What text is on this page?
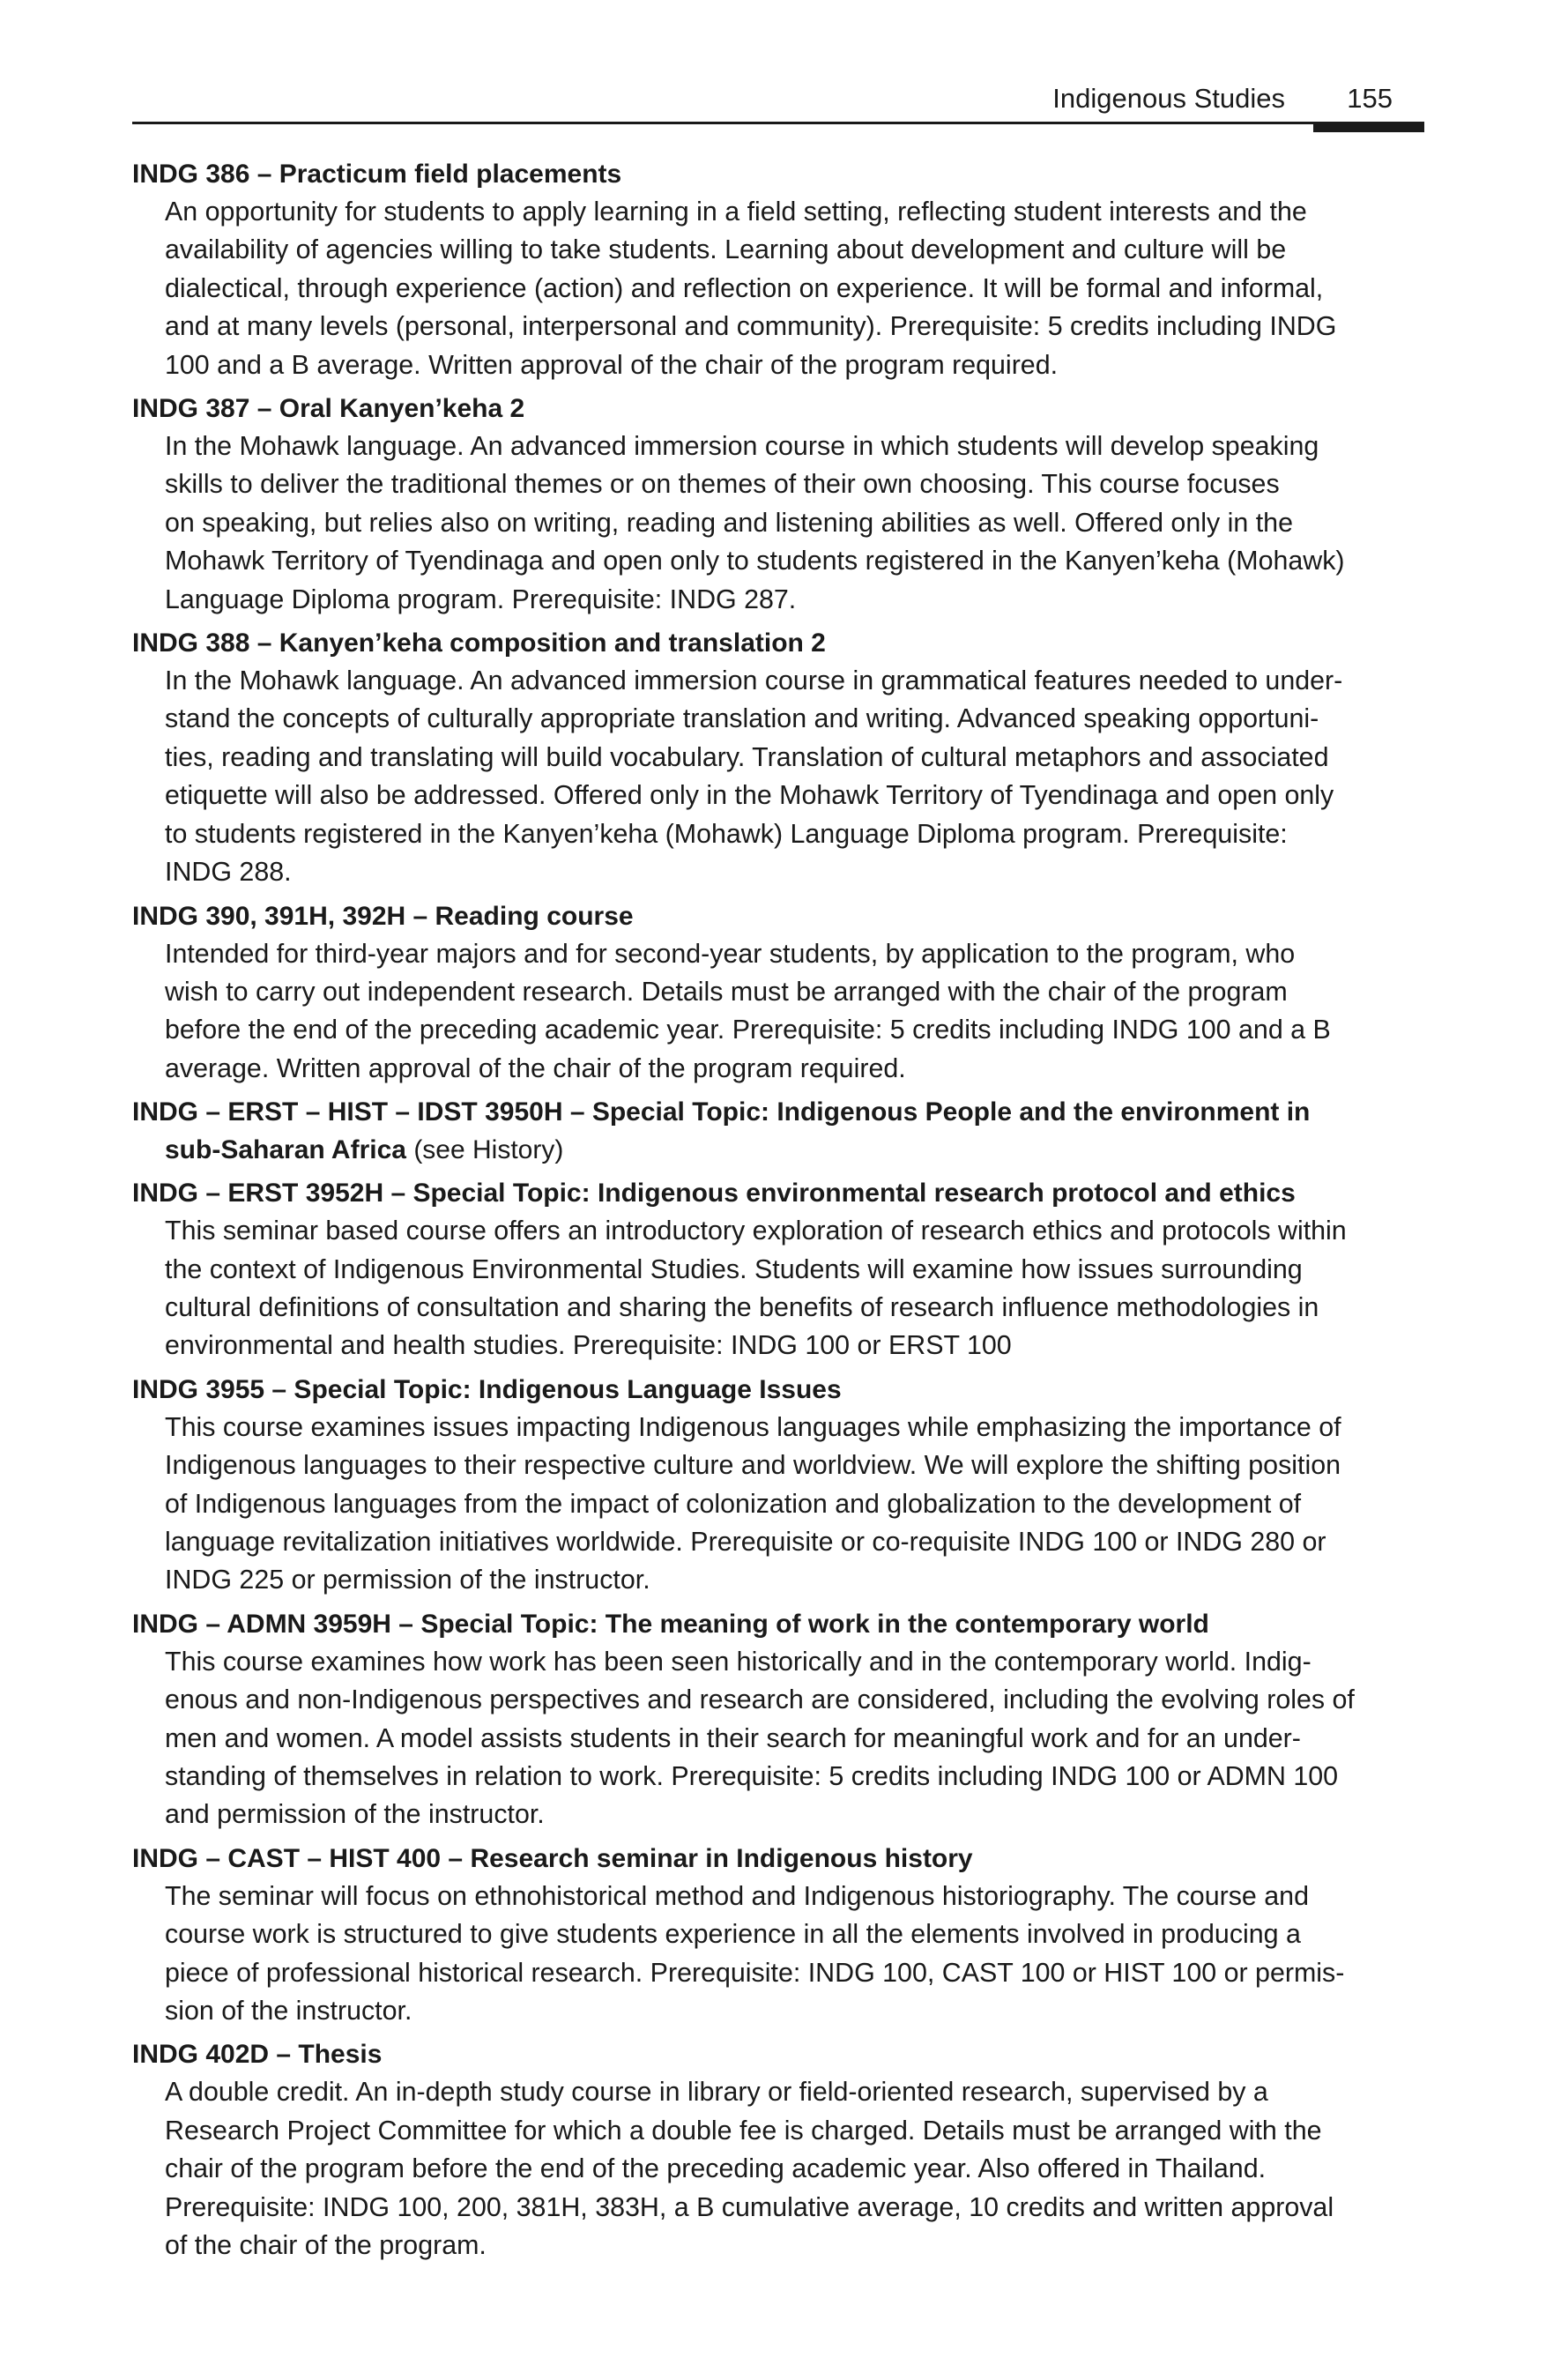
Indigenous Studies 155
INDG 386 – Practicum field placements
An opportunity for students to apply learning in a field setting, reflecting student interests and the
availability of agencies willing to take students. Learning about development and culture will be
dialectical, through experience (action) and reflection on experience. It will be formal and informal,
and at many levels (personal, interpersonal and community). Prerequisite: 5 credits including INDG
100 and a B average. Written approval of the chair of the program required.
INDG 387 – Oral Kanyen’keha 2
In the Mohawk language. An advanced immersion course in which students will develop speaking
skills to deliver the traditional themes or on themes of their own choosing. This course focuses
on speaking, but relies also on writing, reading and listening abilities as well. Offered only in the
Mohawk Territory of Tyendinaga and open only to students registered in the Kanyen’keha (Mohawk)
Language Diploma program. Prerequisite: INDG 287.
INDG 388 – Kanyen’keha composition and translation 2
In the Mohawk language. An advanced immersion course in grammatical features needed to under-
stand the concepts of culturally appropriate translation and writing. Advanced speaking opportuni-
ties, reading and translating will build vocabulary. Translation of cultural metaphors and associated
etiquette will also be addressed. Offered only in the Mohawk Territory of Tyendinaga and open only
to students registered in the Kanyen’keha (Mohawk) Language Diploma program. Prerequisite:
INDG 288.
INDG 390, 391H, 392H – Reading course
Intended for third-year majors and for second-year students, by application to the program, who
wish to carry out independent research. Details must be arranged with the chair of the program
before the end of the preceding academic year. Prerequisite: 5 credits including INDG 100 and a B
average. Written approval of the chair of the program required.
INDG – ERST – HIST – IDST 3950H – Special Topic: Indigenous People and the environment in
sub-Saharan Africa (see History)
INDG – ERST 3952H – Special Topic: Indigenous environmental research protocol and ethics
This seminar based course offers an introductory exploration of research ethics and protocols within
the context of Indigenous Environmental Studies. Students will examine how issues surrounding
cultural definitions of consultation and sharing the benefits of research influence methodologies in
environmental and health studies. Prerequisite: INDG 100 or ERST 100
INDG 3955 – Special Topic: Indigenous Language Issues
This course examines issues impacting Indigenous languages while emphasizing the importance of
Indigenous languages to their respective culture and worldview. We will explore the shifting position
of Indigenous languages from the impact of colonization and globalization to the development of
language revitalization initiatives worldwide. Prerequisite or co-requisite INDG 100 or INDG 280 or
INDG 225 or permission of the instructor.
INDG – ADMN 3959H – Special Topic: The meaning of work in the contemporary world
This course examines how work has been seen historically and in the contemporary world. Indig-
enous and non-Indigenous perspectives and research are considered, including the evolving roles of
men and women. A model assists students in their search for meaningful work and for an under-
standing of themselves in relation to work. Prerequisite: 5 credits including INDG 100 or ADMN 100
and permission of the instructor.
INDG – CAST – HIST 400 – Research seminar in Indigenous history
The seminar will focus on ethnohistorical method and Indigenous historiography. The course and
course work is structured to give students experience in all the elements involved in producing a
piece of professional historical research. Prerequisite: INDG 100, CAST 100 or HIST 100 or permis-
sion of the instructor.
INDG 402D – Thesis
A double credit. An in-depth study course in library or field-oriented research, supervised by a
Research Project Committee for which a double fee is charged. Details must be arranged with the
chair of the program before the end of the preceding academic year. Also offered in Thailand.
Prerequisite: INDG 100, 200, 381H, 383H, a B cumulative average, 10 credits and written approval
of the chair of the program.
